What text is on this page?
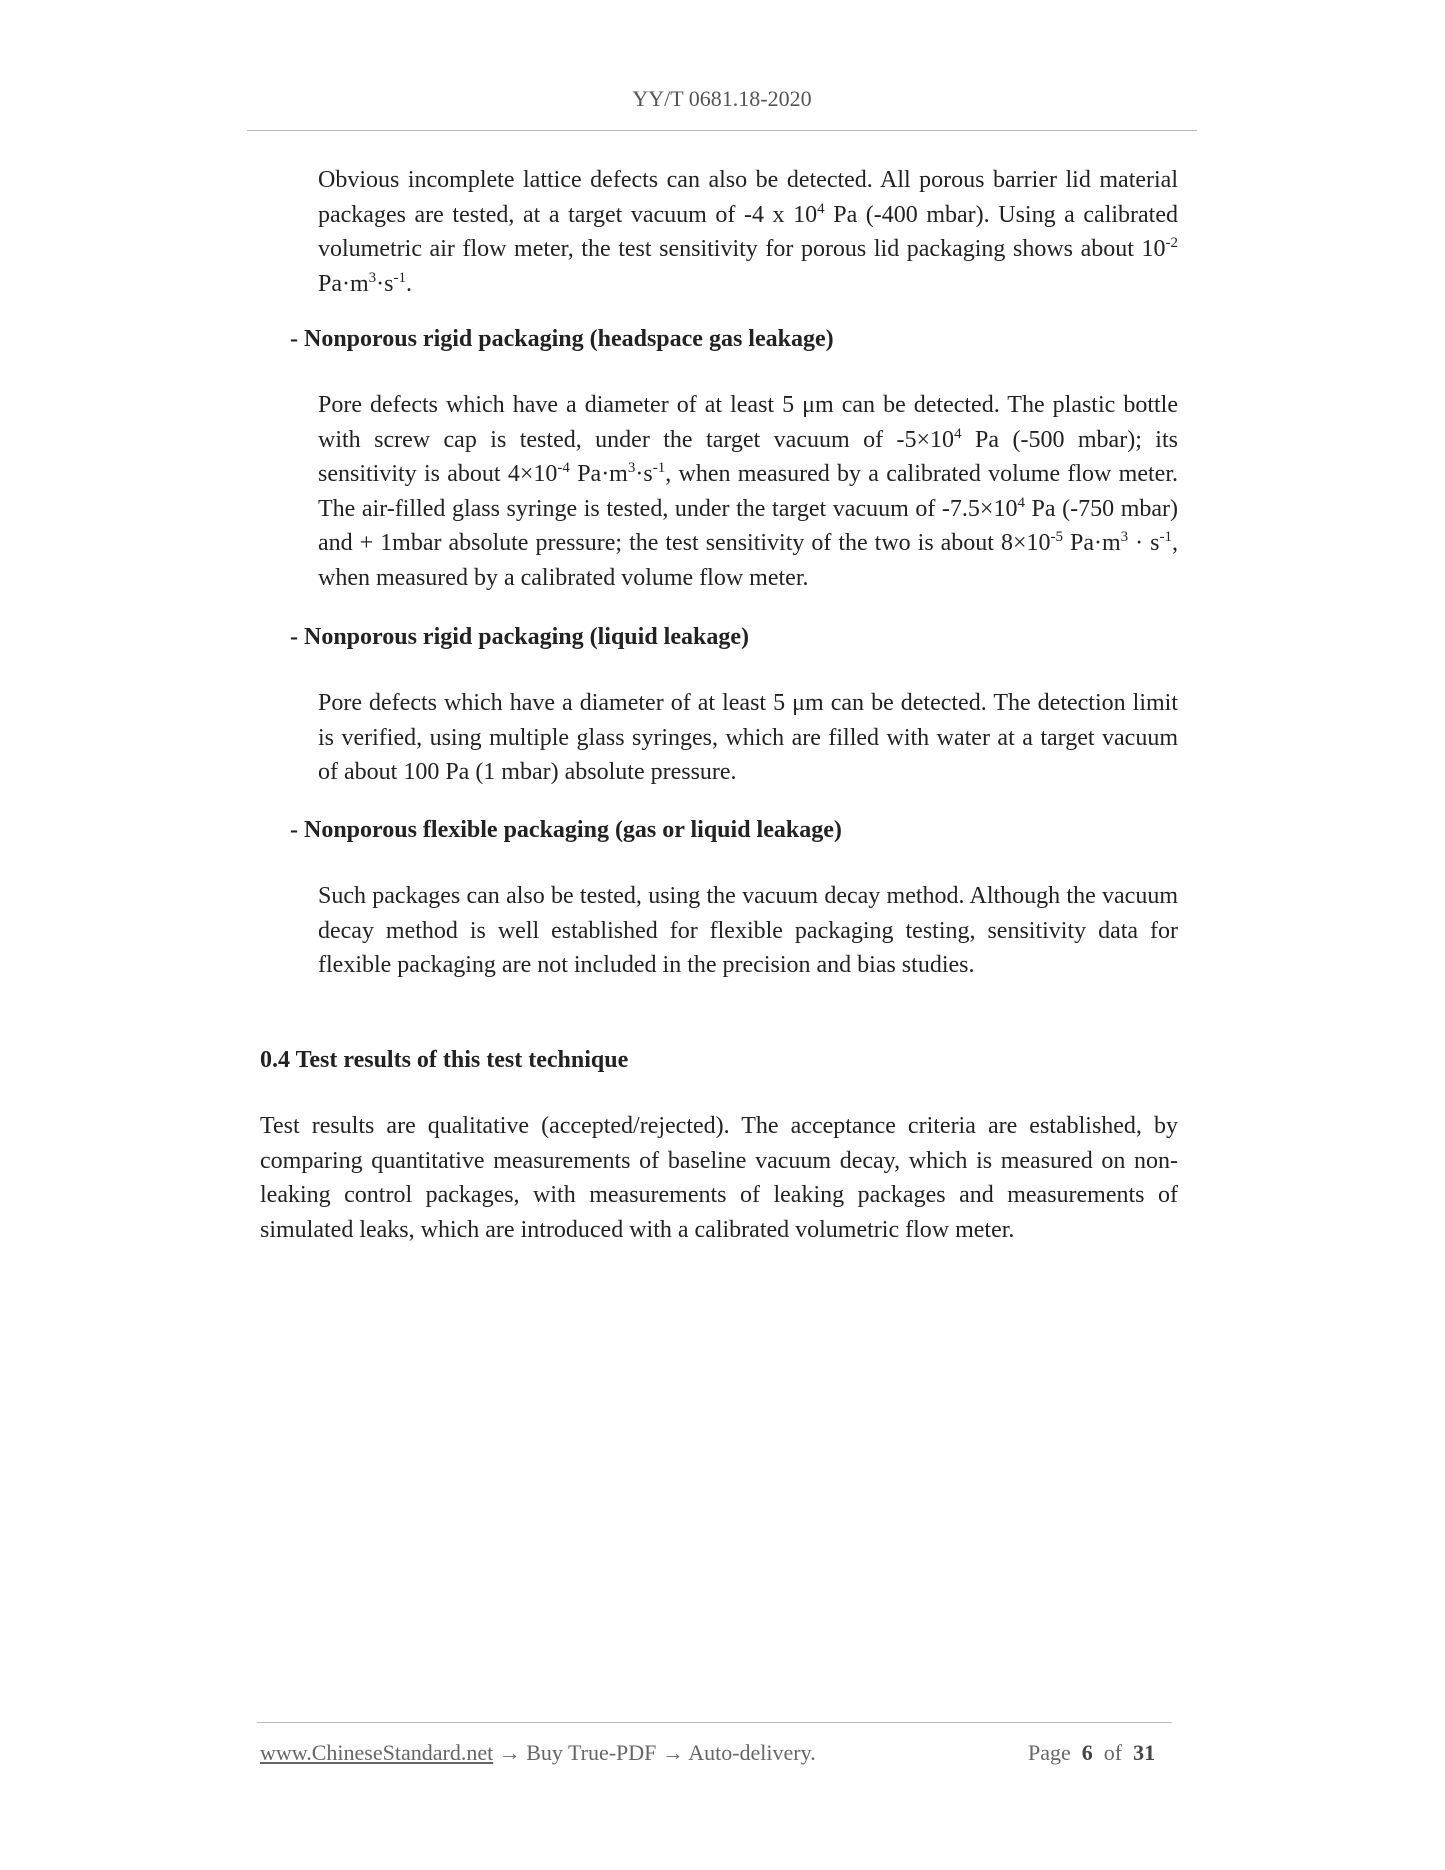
YY/T 0681.18-2020

Obvious incomplete lattice defects can also be detected. All porous barrier lid material packages are tested, at a target vacuum of -4 x $10^4$ Pa (-400 mbar). Using a calibrated volumetric air flow meter, the test sensitivity for porous lid packaging shows about $10^{-2}$ $Pa\cdot m^3\cdot s^{-1}$.

- Nonporous rigid packaging (headspace gas leakage)

Pore defects which have a diameter of at least 5 μm can be detected. The plastic bottle with screw cap is tested, under the target vacuum of $-5\times 10^4$ Pa (-500 mbar); its sensitivity is about $4\times 10^{-4}$ $Pa\cdot m^3\cdot s^{-1}$, when measured by a calibrated volume flow meter. The air-filled glass syringe is tested, under the target vacuum of $-7.5\times 10^4$ Pa (-750 mbar) and + 1mbar absolute pressure; the test sensitivity of the two is about $8\times 10^{-5}$ $Pa\cdot m^3 \cdot s^{-1}$, when measured by a calibrated volume flow meter.

- Nonporous rigid packaging (liquid leakage)

Pore defects which have a diameter of at least 5 μm can be detected. The detection limit is verified, using multiple glass syringes, which are filled with water at a target vacuum of about 100 Pa (1 mbar) absolute pressure.

- Nonporous flexible packaging (gas or liquid leakage)

Such packages can also be tested, using the vacuum decay method. Although the vacuum decay method is well established for flexible packaging testing, sensitivity data for flexible packaging are not included in the precision and bias studies.

0.4 Test results of this test technique

Test results are qualitative (accepted/rejected). The acceptance criteria are established, by comparing quantitative measurements of baseline vacuum decay, which is measured on non-leaking control packages, with measurements of leaking packages and measurements of simulated leaks, which are introduced with a calibrated volumetric flow meter.

www.ChineseStandard.net → Buy True-PDF → Auto-delivery.	Page 6 of 31
